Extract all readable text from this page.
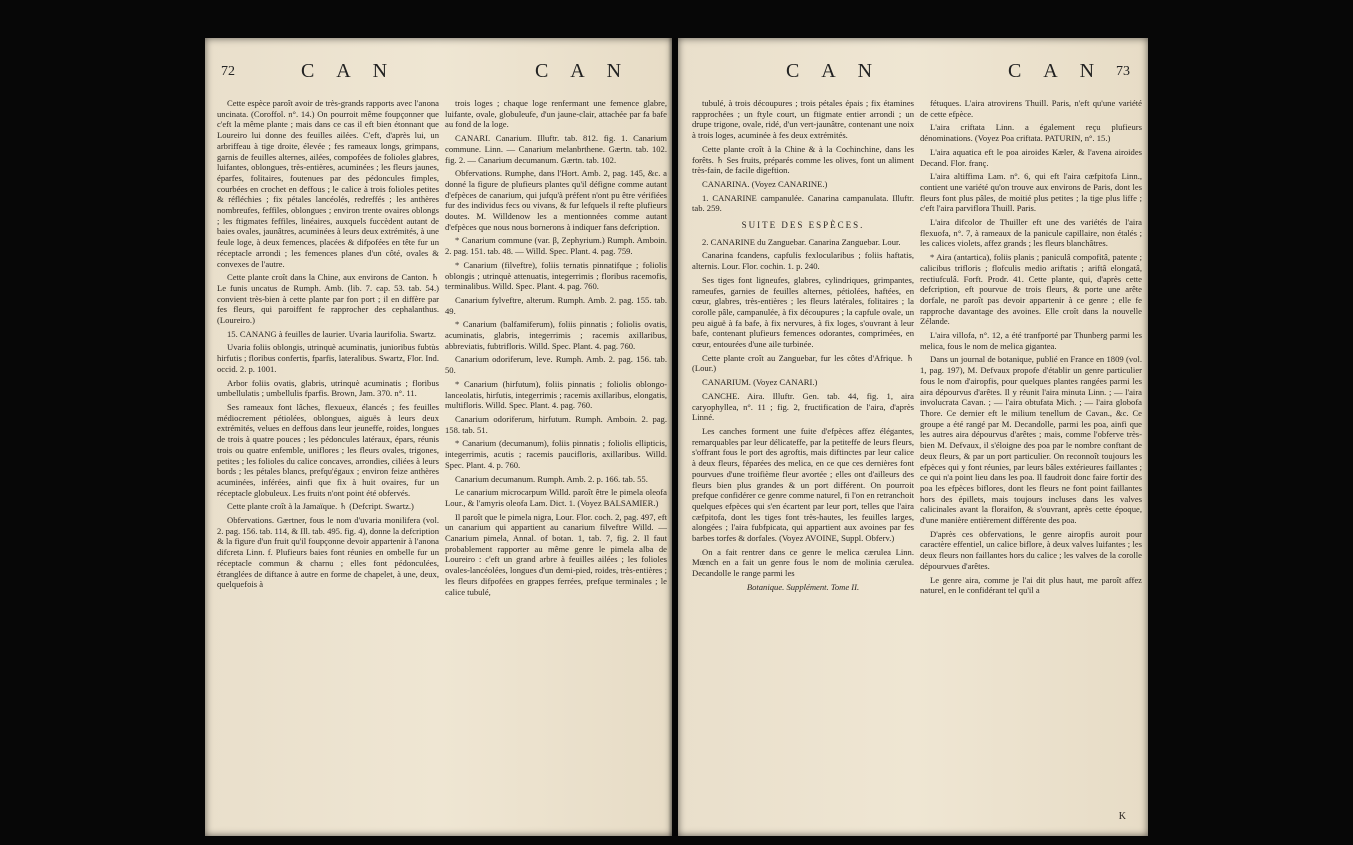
72	C A N	C A N

Cette espèce paroît avoir de très-grands rapports avec l'anona uncinata. (Coroffol. n°. 14.) On pourroit même foupçonner que c'eft la même plante ; mais dans ce cas il eft bien étonnant que Loureiro lui donne des feuilles ailées. C'eft, d'après lui, un arbriffeau à tige droite, élevée ; fes rameaux longs, grimpans, garnis de feuilles alternes, ailées, compofées de folioles glabres, luifantes, oblongues, très-entières, acuminées ; les fleurs jaunes, éparfes, folitaires, foutenues par des pédoncules fimples, courbées en crochet en deffous ; le calice à trois folioles petites & réfléchies ; fix pétales lancéolés, redreffés ; les anthères nombreufes, feffiles, oblongues ; environ trente ovaires oblongs ; les ftigmates feffiles, linéaires, auxquels fuccèdent autant de baies ovales, jaunâtres, acuminées à leurs deux extrémités, à une feule loge, à deux femences, placées & difpofées en tête fur un réceptacle arrondi ; les femences planes d'un côté, ovales & convexes de l'autre.

Cette plante croît dans la Chine, aux environs de Canton. ♄ Le funis uncatus de Rumph. Amb. (lib. 7. cap. 53. tab. 54.) convient très-bien à cette plante par fon port ; il en diffère par fes fleurs, qui paroiffent fe rapprocher des cephalanthus. (Loureiro.)

15. CANANG à feuilles de laurier. Uvaria laurifolia. Swartz.

Uvaria foliis oblongis, utrinquè acuminatis, junioribus fubtùs hirfutis ; floribus confertis, fparfis, lateralibus. Swartz, Flor. Ind. occid. 2. p. 1001.

Arbor foliis ovatis, glabris, utrinquè acuminatis ; floribus umbellulatis ; umbellulis fparfis. Brown, Jam. 370. n°. 11.

Ses rameaux font lâches, flexueux, élancés ; fes feuilles médiocrement pétiolées, oblongues, aiguës à leurs deux extrémités, velues en deffous dans leur jeuneffe, roides, longues de trois à quatre pouces ; les pédoncules latéraux, épars, réunis trois ou quatre enfemble, uniflores ; les fleurs ovales, trigones, petites ; les folioles du calice concaves, arrondies, ciliées à leurs bords ; les pétales blancs, prefqu'égaux ; environ feize anthères acuminées, inférées, ainfi que fix à huit ovaires, fur un réceptacle globuleux. Les fruits n'ont point été obfervés.

Cette plante croît à la Jamaïque. ♄ (Defcript. Swartz.)

Obfervations. Gærtner, fous le nom d'uvaria monilifera (vol. 2. pag. 156. tab. 114, & Ill. tab. 495. fig. 4), donne la defcription & la figure d'un fruit qu'il foupçonne devoir appartenir à l'anona difcreta Linn. f. Plufieurs baies font réunies en ombelle fur un réceptacle commun & charnu ; elles font pédonculées, étranglées de diftance à autre en forme de chapelet, à une, deux, quelquefois à

trois loges ; chaque loge renfermant une femence glabre, luifante, ovale, globuleufe, d'un jaune-clair, attachée par fa bafe au fond de la loge.

CANARI. Canarium. Illuftr. tab. 812. fig. 1. Canarium commune. Linn. — Canarium melanbrthene. Gærtn. tab. 102. fig. 2. — Canarium decumanum. Gærtn. tab. 102.

Obfervations. Rumphe, dans l'Hort. Amb. 2, pag. 145, &c. a donné la figure de plufieurs plantes qu'il défigne comme autant d'efpèces de canarium, qui jufqu'à préfent n'ont pu être vérifiées fur des individus fecs ou vivans, & fur lefquels il refte plufieurs doutes. M. Willdenow les a mentionnées comme autant d'efpèces que nous nous bornerons à indiquer fans defcription.

* Canarium commune (var. β, Zephyrium.) Rumph. Amboin. 2. pag. 151. tab. 48. — Willd. Spec. Plant. 4. pag. 759.

* Canarium (filveftre), foliis ternatis pinnatifque ; foliolis oblongis ; utrinquè attenuatis, integerrimis ; floribus racemofis, terminalibus. Willd. Spec. Plant. 4. pag. 760.

Canarium fylveftre, alterum. Rumph. Amb. 2. pag. 155. tab. 49.

* Canarium (balfamiferum), foliis pinnatis ; foliolis ovatis, acuminatis, glabris, integerrimis ; racemis axillaribus, abbreviatis, fubtrifloris. Willd. Spec. Plant. 4. pag. 760.

Canarium odoriferum, leve. Rumph. Amb. 2. pag. 156. tab. 50.

* Canarium (hirfutum), foliis pinnatis ; foliolis oblongo-lanceolatis, hirfutis, integerrimis ; racemis axillaribus, elongatis, multifloris. Willd. Spec. Plant. 4. pag. 760.

Canarium odoriferum, hirfutum. Rumph. Amboin. 2. pag. 158. tab. 51.

* Canarium (decumanum), foliis pinnatis ; foliolis ellipticis, integerrimis, acutis ; racemis paucifloris, axillaribus. Willd. Spec. Plant. 4. p. 760.

Canarium decumanum. Rumph. Amb. 2. p. 166. tab. 55.

Le canarium microcarpum Willd. paroît être le pimela oleofa Lour., & l'amyris oleofa Lam. Dict. 1. (Voyez BALSAMIER.)

Il paroît que le pimela nigra, Lour. Flor. coch. 2, pag. 497, eft un canarium qui appartient au canarium filveftre Willd. — Canarium pimela, Annal. of botan. 1, tab. 7, fig. 2. Il faut probablement rapporter au même genre le pimela alba de Loureiro : c'eft un grand arbre à feuilles ailées ; les folioles ovales-lancéolées, longues d'un demi-pied, roides, très-entières ; les fleurs difpofées en grappes ferrées, prefque terminales ; le calice tubulé,

C A N	C A N 73

tubulé, à trois découpures ; trois pétales épais ; fix étamines rapprochées ; un ftyle court, un ftigmate entier arrondi ; un drupe trigone, ovale, ridé, d'un vert-jaunâtre, contenant une noix à trois loges, acuminée à fes deux extrémités.

Cette plante croît à la Chine & à la Cochinchine, dans les forêts. ♄ Ses fruits, préparés comme les olives, font un aliment très-fain, de facile digeftion.

CANARINA. (Voyez CANARINE.)

1. CANARINE campanulée. Canarina campanulata. Illuftr. tab. 259.

SUITE DES ESPÈCES.

2. CANARINE du Zanguebar. Canarina Zanguebar. Lour.

Canarina fcandens, capfulis fexlocularibus ; foliis haftatis, alternis. Lour. Flor. cochin. 1. p. 240.

Ses tiges font ligneufes, glabres, cylindriques, grimpantes, rameufes, garnies de feuilles alternes, pétiolées, haftées, en cœur, glabres, très-entières ; les fleurs latérales, folitaires ; la corolle pâle, campanulée, à fix découpures ; la capfule ovale, un peu aiguë à fa bafe, à fix nervures, à fix loges, s'ouvrant à leur bafe, contenant plufieurs femences odorantes, comprimées, en cœur, entourées d'une aile turbinée.

Cette plante croît au Zanguebar, fur les côtes d'Afrique. ♄ (Lour.)

CANARIUM. (Voyez CANARI.)

CANCHE. Aira. Illuftr. Gen. tab. 44, fig. 1, aira caryophyllea, n°. 11 ; fig. 2, fructification de l'aira, d'après Linné.

Les canches forment une fuite d'efpèces affez élégantes, remarquables par leur délicateffe, par la petiteffe de leurs fleurs, s'offrant fous le port des agroftis, mais diftinctes par leur calice à deux fleurs, féparées des melica, en ce que ces dernières font pourvues d'une troifième fleur avortée ; elles ont d'ailleurs des fleurs bien plus grandes & un port différent. On pourroit prefque confidérer ce genre comme naturel, fi l'on en retranchoit quelques efpèces qui s'en écartent par leur port, telles que l'aira cæfpitofa, dont les tiges font très-hautes, les feuilles larges, alongées ; l'aira fubfpicata, qui appartient aux avoines par fes barbes torfes & dorfales. (Voyez AVOINE, Suppl. Obferv.)

On a fait rentrer dans ce genre le melica cærulea Linn. Mœnch en a fait un genre fous le nom de molinia cærulea. Decandolle le range parmi les

Botanique. Supplément. Tome II.

fétuques. L'aira atrovirens Thuill. Paris, n'eft qu'une variété de cette efpèce.

L'aira criftata Linn. a également reçu plufieurs dénominations. (Voyez Poa criftata. PATURIN, n°. 15.)

L'aira aquatica eft le poa airoides Kæler, & l'avena airoides Decand. Flor. franç.

L'aira altiffima Lam. n°. 6, qui eft l'aira cæfpitofa Linn., contient une variété qu'on trouve aux environs de Paris, dont les fleurs font plus pâles, de moitié plus petites ; la tige plus liffe ; c'eft l'aira parviflora Thuill. Paris.

L'aira difcolor de Thuiller eft une des variétés de l'aira flexuofa, n°. 7, à rameaux de la panicule capillaire, non étalés ; les calices violets, affez grands ; les fleurs blanchâtres.

* Aira (antartica), foliis planis ; paniculâ compofitâ, patente ; calicibus trifloris ; flofculis medio ariftatis ; ariftâ elongatâ, rectiufculâ. Forft. Prodr. 41. Cette plante, qui, d'après cette defcription, eft pourvue de trois fleurs, & porte une arête dorfale, ne paroît pas devoir appartenir à ce genre ; elle fe rapproche davantage des avoines. Elle croît dans la nouvelle Zélande.

L'aira villofa, n°. 12, a été tranfporté par Thunberg parmi les melica, fous le nom de melica gigantea.

Dans un journal de botanique, publié en France en 1809 (vol. 1, pag. 197), M. Defvaux propofe d'établir un genre particulier fous le nom d'airopfis, pour quelques plantes rangées parmi les aira dépourvus d'arêtes. Il y réunit l'aira minuta Linn. ; — l'aira involucrata Cavan. ; — l'aira obtufata Mich. ; — l'aira globofa Thore. Ce dernier eft le milium tenellum de Cavan., &c. Ce groupe a été rangé par M. Decandolle, parmi les poa, ainfi que les autres aira dépourvus d'arêtes ; mais, comme l'obferve très-bien M. Defvaux, il s'éloigne des poa par le nombre conftant de deux fleurs, & par un port particulier. On reconnoît toujours les efpèces qui y font réunies, par leurs bâles extérieures faillantes ; ce qui n'a point lieu dans les poa. Il faudroit donc faire fortir des poa les efpèces biflores, dont les fleurs ne font point faillantes hors des épillets, mais toujours incluses dans les valves calicinales avant la floraifon, & s'ouvrant, après cette époque, d'une manière entièrement différente des poa.

D'après ces obfervations, le genre airopfis auroit pour caractère effentiel, un calice biflore, à deux valves luifantes ; les deux fleurs non faillantes hors du calice ; les valves de la corolle dépourvues d'arêtes.

Le genre aira, comme je l'ai dit plus haut, me paroît affez naturel, en le confidérant tel qu'il a

K
